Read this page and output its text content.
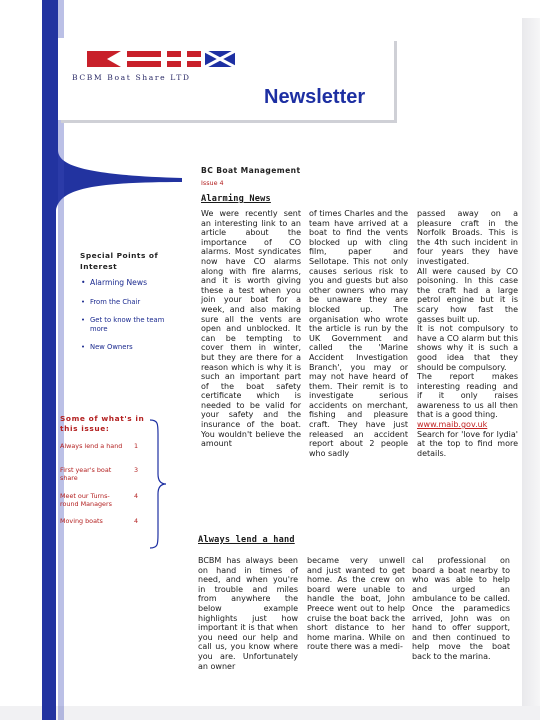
BCBM Boat Share LTD
Newsletter
Special Points of Interest
• Alarming News
• From the Chair
• Get to know the team more
• New Owners
Some of what's in this issue:
Always lend a hand	1
First year's boat share
3
Meet our Turns-round Managers
4
Moving boats	4
BC Boat Management
Issue 4
Alarming News

We were recently sent an interesting link to an article about the importance of CO alarms. Most syndicates now have CO alarms along with fire alarms, and it is worth giving these a test when you join your boat for a week, and also making sure all the vents are open and unblocked. It can be tempting to cover them in winter, but they are there for a reason which is why it is such an important part of the boat safety certificate which is needed to be valid for your safety and the insurance of the boat. You wouldn't believe the amount

of times Charles and the team have arrived at a boat to find the vents blocked up with cling film, paper and Sellotape. This not only causes serious risk to you and guests but also other owners who may be unaware they are blocked up. The organisation who wrote the article is run by the UK Government and called the 'Marine Accident Investigation Branch', you may or may not have heard of them. Their remit is to investigate serious accidents on merchant, fishing and pleasure craft. They have just released an accident report about 2 people who sadly

passed away on a pleasure craft in the Norfolk Broads. This is the 4th such incident in four years they have investigated.

All were caused by CO poisoning. In this case the craft had a large petrol engine but it is scary how fast the gasses built up.

It is not compulsory to have a CO alarm but this shows why it is such a good idea that they should be compulsory.

The report makes interesting reading and if it only raises awareness to us all then that is a good thing.

www.maib.gov.uk

Search for 'love for lydia' at the top to find more details.

Always lend a hand

BCBM has always been on hand in times of need, and when you're in trouble and miles from anywhere the below example highlights just how important it is that when you need our help and call us, you know where you are. Unfortunately an owner

became very unwell and just wanted to get home. As the crew on board were unable to handle the boat, John Preece went out to help cruise the boat back the short distance to her home marina. While on route there was a medi-

cal professional on board a boat nearby to who was able to help and urged an ambulance to be called. Once the paramedics arrived, John was on hand to offer support, and then continued to help move the boat back to the marina.
